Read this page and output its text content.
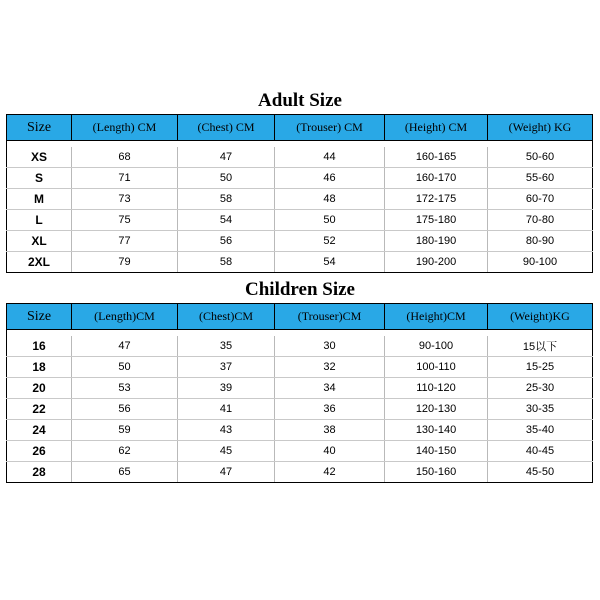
Adult Size
Size	(Length) CM	(Chest) CM	(Trouser) CM	(Height) CM	(Weight) KG

XS	68	47	44	160-165	50-60
S	71	50	46	160-170	55-60
M	73	58	48	172-175	60-70
L	75	54	50	175-180	70-80
XL	77	56	52	180-190	80-90
2XL	79	58	54	190-200	90-100
Children Size
Size	(Length)CM	(Chest)CM	(Trouser)CM	(Height)CM	(Weight)KG

16	47	35	30	90-100	15以下
18	50	37	32	100-110	15-25
20	53	39	34	110-120	25-30
22	56	41	36	120-130	30-35
24	59	43	38	130-140	35-40
26	62	45	40	140-150	40-45
28	65	47	42	150-160	45-50
